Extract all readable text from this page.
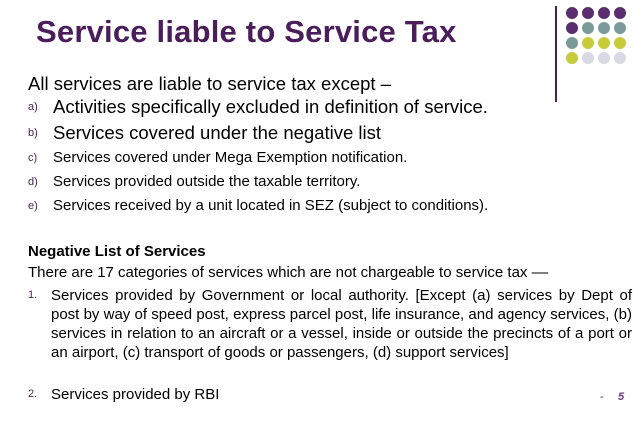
Service liable to Service Tax
All services are liable to service tax except –
a) Activities specifically excluded in definition of service.
b) Services covered under the negative list
c) Services covered under Mega Exemption notification.
d) Services provided outside the taxable territory.
e) Services received by a unit located in SEZ (subject to conditions).
Negative List of Services
There are 17 categories of services which are not chargeable to service tax ––
1. Services provided by Government or local authority. [Except (a) services by Dept of post by way of speed post, express parcel post, life insurance, and agency services, (b) services in relation to an aircraft or a vessel, inside or outside the precincts of a port or an airport, (c) transport of goods or passengers, (d) support services]
2. Services provided by RBI	- 5
